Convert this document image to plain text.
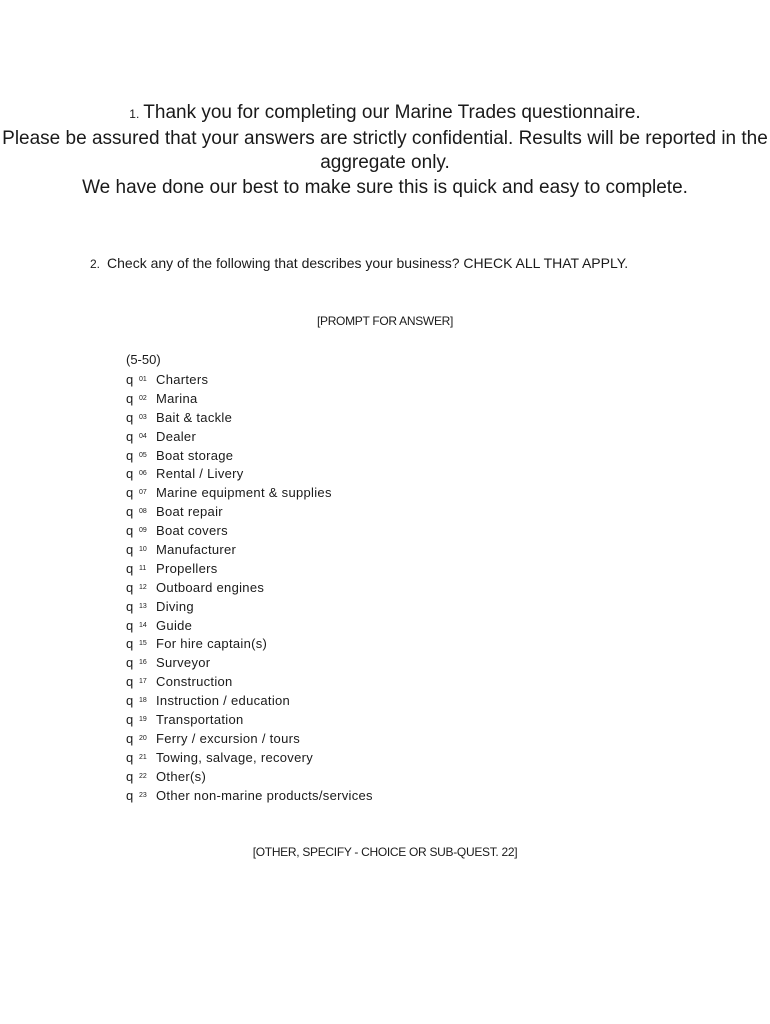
1. Thank you for completing our Marine Trades questionnaire.
Please be assured that your answers are strictly confidential. Results will be reported in the aggregate only.
We have done our best to make sure this is quick and easy to complete.
2. Check any of the following that describes your business? CHECK ALL THAT APPLY.
[PROMPT FOR ANSWER]
(5-50)
q 01 Charters
q 02 Marina
q 03 Bait & tackle
q 04 Dealer
q 05 Boat storage
q 06 Rental / Livery
q 07 Marine equipment & supplies
q 08 Boat repair
q 09 Boat covers
q 10 Manufacturer
q 11 Propellers
q 12 Outboard engines
q 13 Diving
q 14 Guide
q 15 For hire captain(s)
q 16 Surveyor
q 17 Construction
q 18 Instruction / education
q 19 Transportation
q 20 Ferry / excursion / tours
q 21 Towing, salvage, recovery
q 22 Other(s)
q 23 Other non-marine products/services
[OTHER, SPECIFY - CHOICE OR SUB-QUEST. 22]
